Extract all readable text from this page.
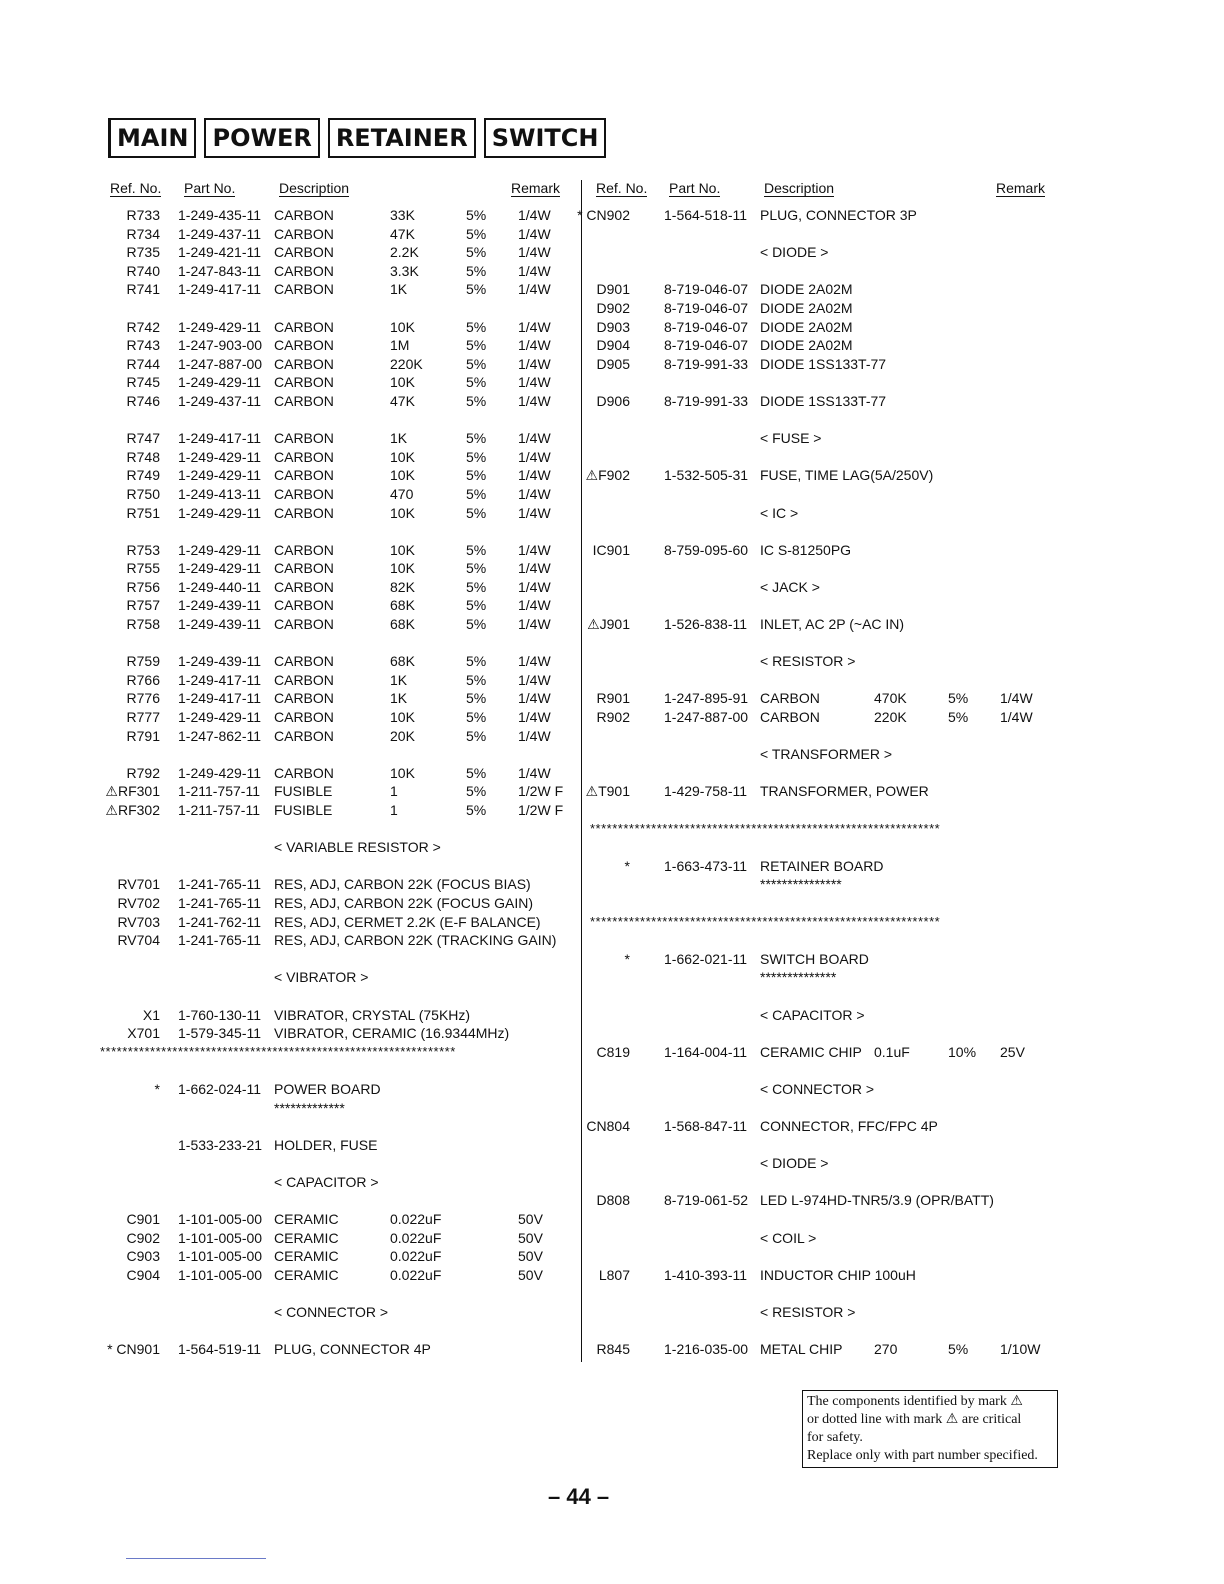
MAIN	POWER	RETAINER	SWITCH
Ref. No. Part No.	Description	Remark	Ref. No. Part No.	Description	Remark
R733 1-249-435-11 CARBON	33K	5% 1/4W
R734 1-249-437-11 CARBON	47K	5% 1/4W
R735 1-249-421-11 CARBON	2.2K	5% 1/4W
R740 1-247-843-11 CARBON	3.3K	5% 1/4W
R741 1-249-417-11 CARBON	1K	5% 1/4W
R742 1-249-429-11 CARBON	10K	5% 1/4W
R743 1-247-903-00 CARBON	1M	5% 1/4W
R744 1-247-887-00 CARBON	220K	5% 1/4W
R745 1-249-429-11 CARBON	10K	5% 1/4W
R746 1-249-437-11 CARBON	47K	5% 1/4W
R747 1-249-417-11 CARBON	1K	5% 1/4W
R748 1-249-429-11 CARBON	10K	5% 1/4W
R749 1-249-429-11 CARBON	10K	5% 1/4W
R750 1-249-413-11 CARBON	470	5% 1/4W
R751 1-249-429-11 CARBON	10K	5% 1/4W
R753 1-249-429-11 CARBON	10K	5% 1/4W
R755 1-249-429-11 CARBON	10K	5% 1/4W
R756 1-249-440-11 CARBON	82K	5% 1/4W
R757 1-249-439-11 CARBON	68K	5% 1/4W
R758 1-249-439-11 CARBON	68K	5% 1/4W
R759 1-249-439-11 CARBON	68K	5% 1/4W
R766 1-249-417-11 CARBON	1K	5% 1/4W
R776 1-249-417-11 CARBON	1K	5% 1/4W
R777 1-249-429-11 CARBON	10K	5% 1/4W
R791 1-247-862-11 CARBON	20K	5% 1/4W
R792 1-249-429-11 CARBON	10K	5% 1/4W
⚠RF301 1-211-757-11 FUSIBLE	1	5% 1/2W F
⚠RF302 1-211-757-11 FUSIBLE	1	5% 1/2W F
< VARIABLE RESISTOR >
RV701 1-241-765-11 RES, ADJ, CARBON 22K (FOCUS BIAS)
RV702 1-241-765-11 RES, ADJ, CARBON 22K (FOCUS GAIN)
RV703 1-241-762-11 RES, ADJ, CERMET 2.2K (E-F BALANCE)
RV704 1-241-765-11 RES, ADJ, CARBON 22K (TRACKING GAIN)
< VIBRATOR >
X1 1-760-130-11 VIBRATOR, CRYSTAL (75KHz)
X701 1-579-345-11 VIBRATOR, CERAMIC (16.9344MHz)
****************************************************************
* 1-662-024-11 POWER BOARD
*************
1-533-233-21 HOLDER, FUSE
< CAPACITOR >
C901 1-101-005-00 CERAMIC	0.022uF	50V
C902 1-101-005-00 CERAMIC	0.022uF	50V
C903 1-101-005-00 CERAMIC	0.022uF	50V
C904 1-101-005-00 CERAMIC	0.022uF	50V
< CONNECTOR >
* CN901 1-564-519-11 PLUG, CONNECTOR 4P
* CN902 1-564-518-11 PLUG, CONNECTOR 3P
< DIODE >
D901 8-719-046-07 DIODE 2A02M
D902 8-719-046-07 DIODE 2A02M
D903 8-719-046-07 DIODE 2A02M
D904 8-719-046-07 DIODE 2A02M
D905 8-719-991-33 DIODE 1SS133T-77
D906 8-719-991-33 DIODE 1SS133T-77
< FUSE >
⚠F902 1-532-505-31 FUSE, TIME LAG(5A/250V)
< IC >
IC901 8-759-095-60 IC S-81250PG
< JACK >
⚠J901 1-526-838-11 INLET, AC 2P (~AC IN)
< RESISTOR >
R901 1-247-895-91 CARBON	470K	5% 1/4W
R902 1-247-887-00 CARBON	220K	5% 1/4W
< TRANSFORMER >
⚠T901 1-429-758-11 TRANSFORMER, POWER
***************************************************************
* 1-663-473-11 RETAINER BOARD
***************
***************************************************************
* 1-662-021-11 SWITCH BOARD
**************
< CAPACITOR >
C819 1-164-004-11 CERAMIC CHIP 0.1uF	10% 25V
< CONNECTOR >
CN804 1-568-847-11 CONNECTOR, FFC/FPC 4P
< DIODE >
D808 8-719-061-52 LED L-974HD-TNR5/3.9 (OPR/BATT)
< COIL >
L807 1-410-393-11 INDUCTOR CHIP 100uH
< RESISTOR >
R845 1-216-035-00 METAL CHIP 270	5% 1/10W
The components identified by mark ⚠
or dotted line with mark ⚠ are critical
for safety.
Replace only with part number specified.
– 44 –
